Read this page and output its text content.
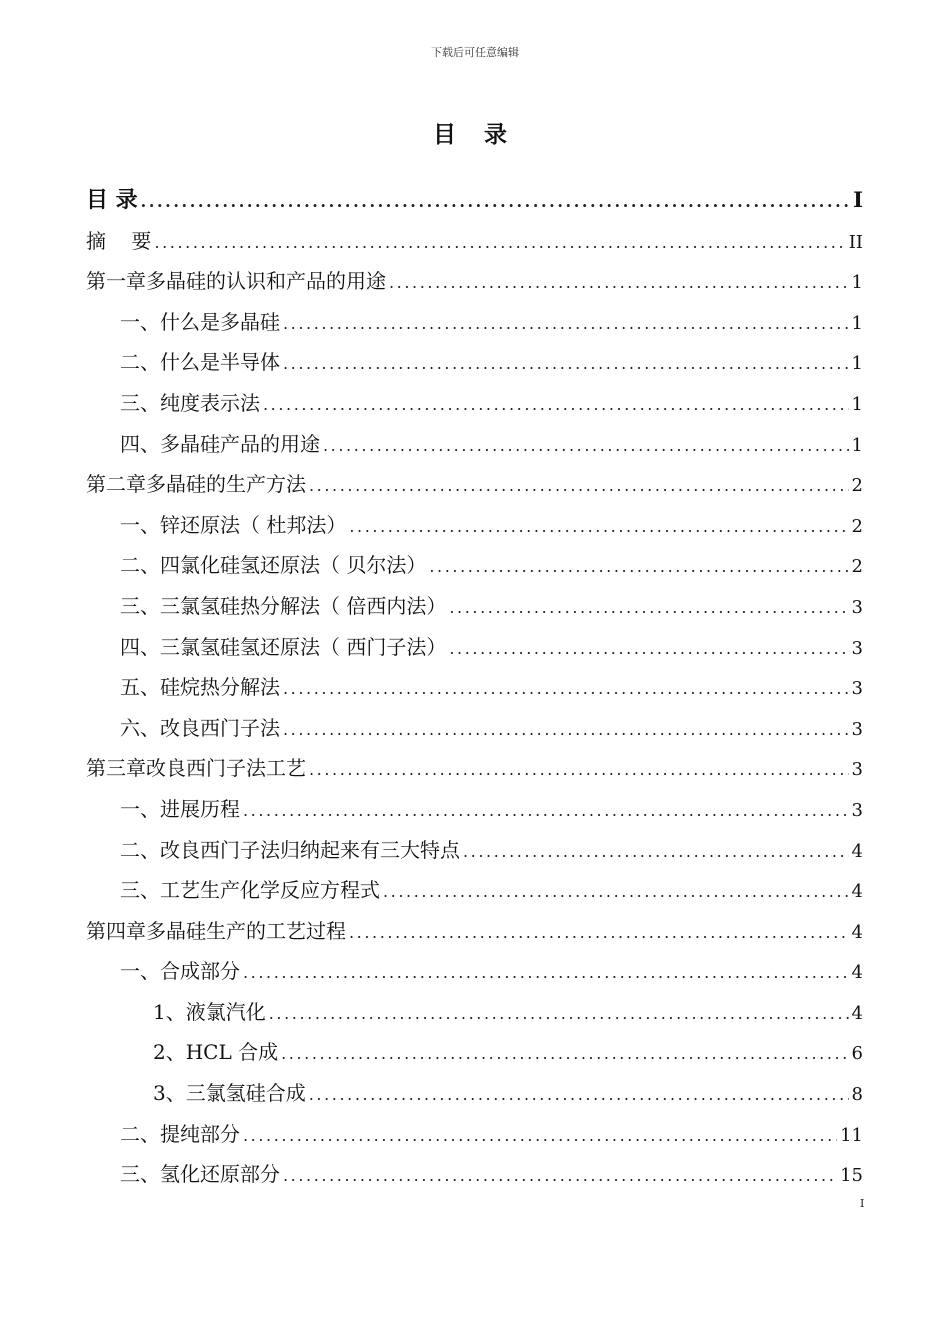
下载后可任意编辑
目 录
目 录 .....	I
摘    要 .....	II
第一章 多晶硅的认识和产品的用途 .....	1
一、 什么是多晶硅 .....	1
二、 什么是半导体 .....	1
三、 纯度表示法 .....	1
四、 多晶硅产品的用途 .....	1
第二章 多晶硅的生产方法 .....	2
一、 锌还原法（ 杜邦法） .....	2
二、 四氯化硅氢还原法（ 贝尔法） .....	2
三、 三氯氢硅热分解法（ 倍西内法） .....	3
四、 三氯氢硅氢还原法（ 西门子法） .....	3
五、 硅烷热分解法 .....	3
六、 改良西门子法 .....	3
第三章 改良西门子法工艺 .....	3
一、 进展历程 .....	3
二、 改良西门子法归纳起来有三大特点 .....	4
三、 工艺生产化学反应方程式 .....	4
第四章 多晶硅生产的工艺过程 .....	4
一、 合成部分 .....	4
1、 液氯汽化 .....	4
2、 HCL 合成 .....	6
3、 三氯氢硅合成 .....	8
二、 提纯部分 .....	11
三、 氢化还原部分 .....	15
I
